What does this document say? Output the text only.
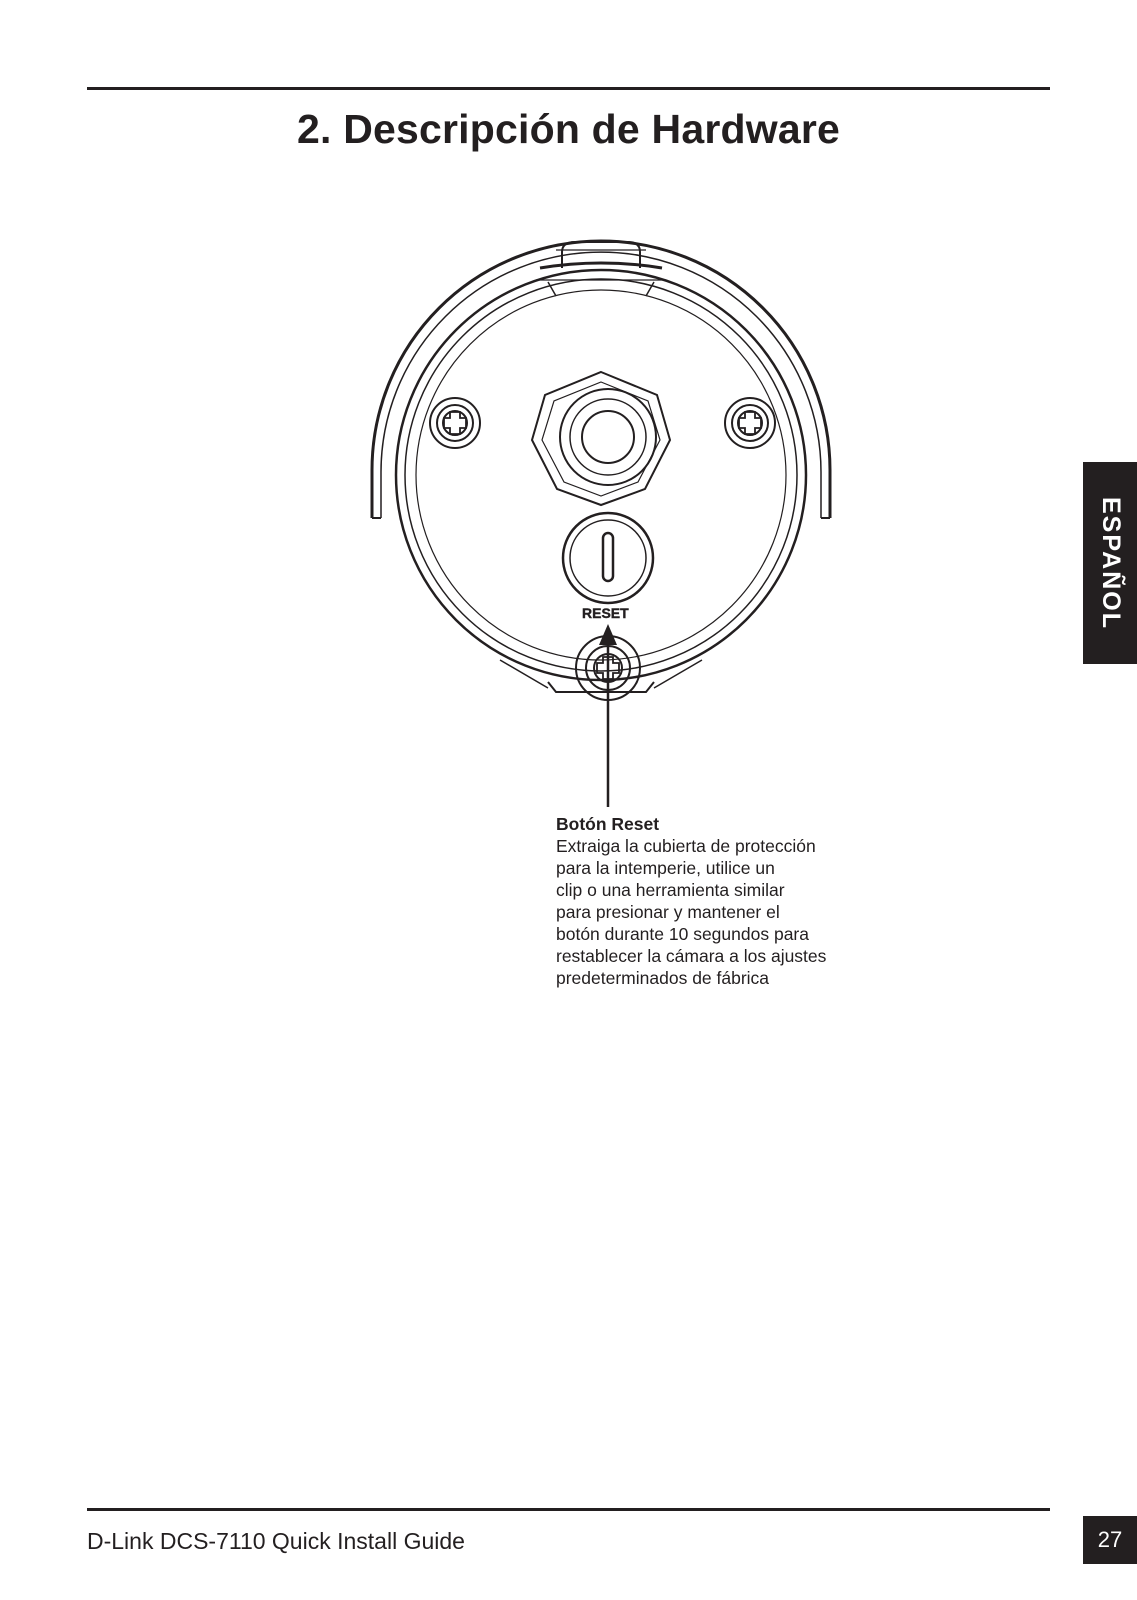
2. Descripción de Hardware
ESPAÑOL
RESET
Botón Reset
Extraiga la cubierta de protección
para la intemperie, utilice un
clip o una herramienta similar
para presionar y mantener el
botón durante 10 segundos para
restablecer la cámara a los ajustes
predeterminados de fábrica
D-Link DCS-7110 Quick Install Guide	27
